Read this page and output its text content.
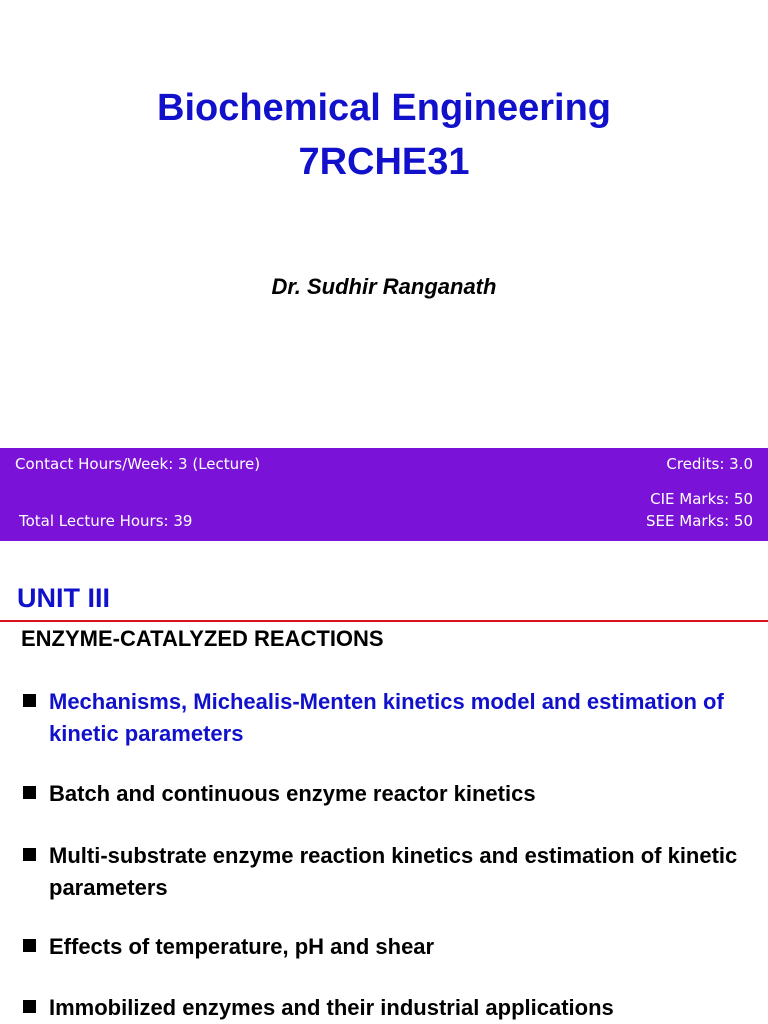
Biochemical Engineering
7RCHE31
Dr. Sudhir Ranganath
Contact Hours/Week: 3 (Lecture)	Credits: 3.0
CIE Marks: 50
Total Lecture Hours: 39	SEE Marks: 50
UNIT III
ENZYME-CATALYZED REACTIONS
Mechanisms, Michealis-Menten kinetics model and estimation of kinetic parameters
Batch and continuous enzyme reactor kinetics
Multi-substrate enzyme reaction kinetics and estimation of kinetic parameters
Effects of temperature, pH and shear
Immobilized enzymes and their industrial applications
